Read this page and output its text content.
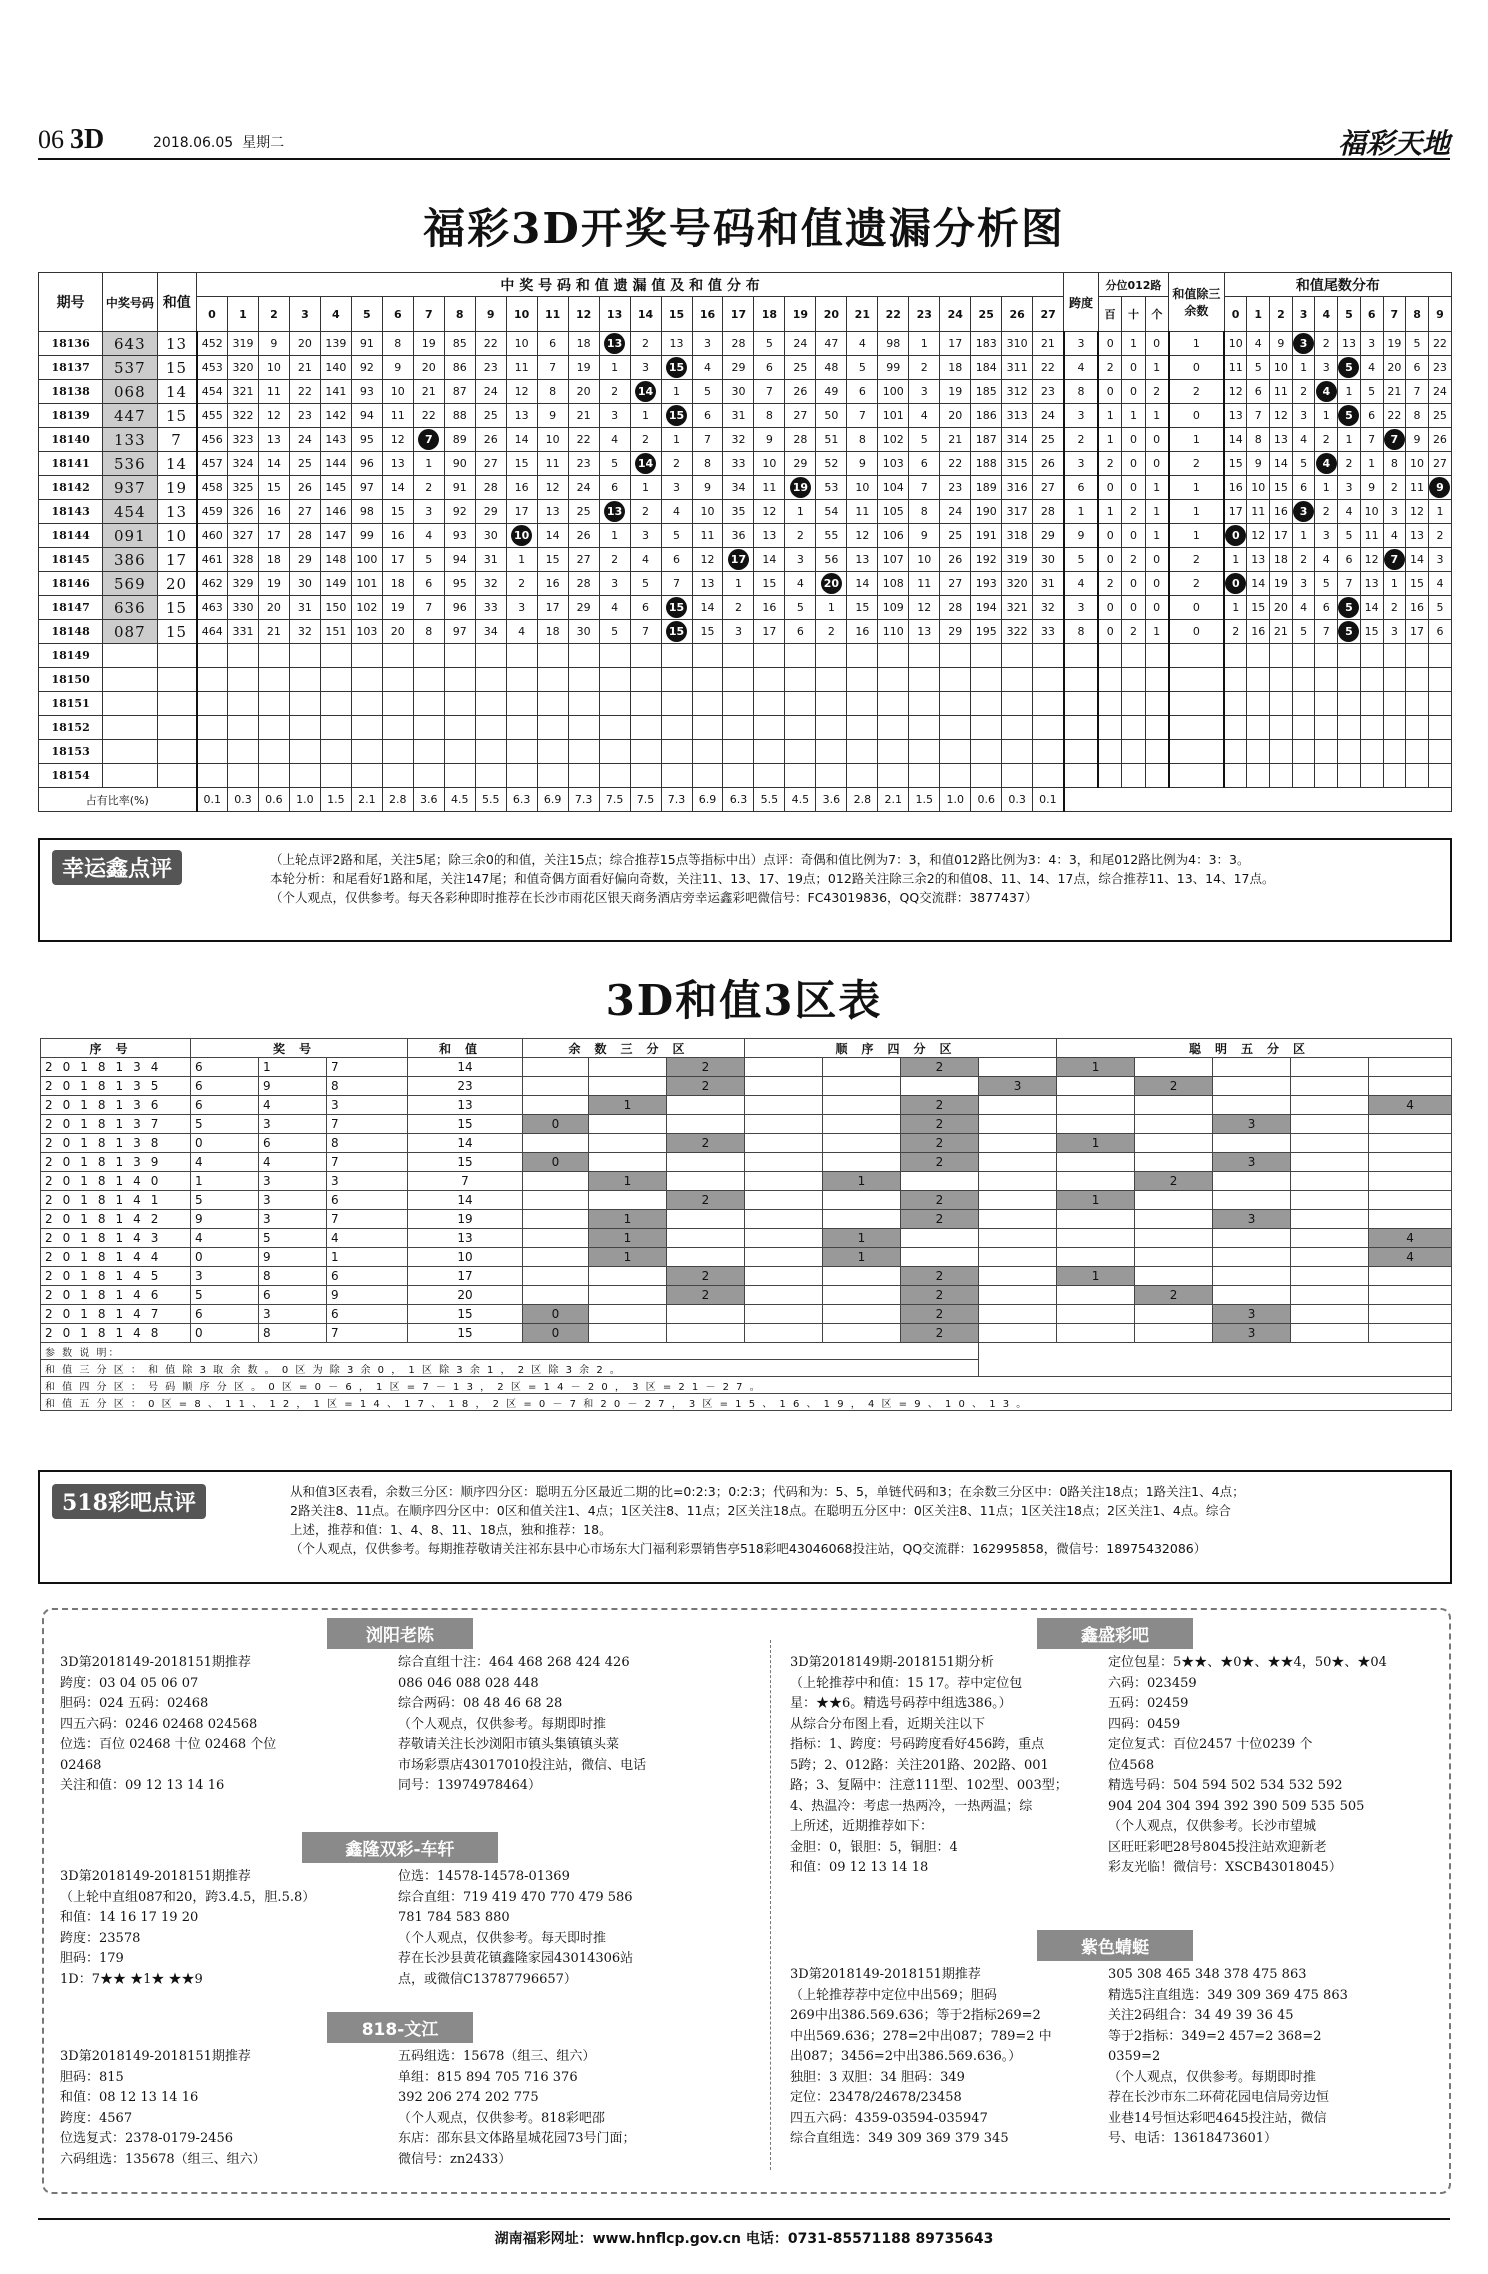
06 3D	2018.06.05 星期二	福彩天地
福彩3D开奖号码和值遗漏分析图
期号	中奖号码	和值	中 奖 号 码 和 值 遗 漏 值 及 和 值 分 布																												跨度	分位012路			和值除三余数	和值尾数分布									
			0	1	2	3	4	5	6	7	8	9	10	11	12	13	14	15	16	17	18	19	20	21	22	23	24	25	26	27		百	十	个		0	1	2	3	4	5	6	7	8	9
18136	643	13	452	319	9	20	139	91	8	19	85	22	10	6	18	13	2	13	3	28	5	24	47	4	98	1	17	183	310	21	3	0	1	0	1	10	4	9	3	2	13	3	19	5	22
18137	537	15	453	320	10	21	140	92	9	20	86	23	11	7	19	1	3	15	4	29	6	25	48	5	99	2	18	184	311	22	4	2	0	1	0	11	5	10	1	3	5	4	20	6	23
18138	068	14	454	321	11	22	141	93	10	21	87	24	12	8	20	2	14	1	5	30	7	26	49	6	100	3	19	185	312	23	8	0	0	2	2	12	6	11	2	4	1	5	21	7	24
18139	447	15	455	322	12	23	142	94	11	22	88	25	13	9	21	3	1	15	6	31	8	27	50	7	101	4	20	186	313	24	3	1	1	1	0	13	7	12	3	1	5	6	22	8	25
18140	133	7	456	323	13	24	143	95	12	7	89	26	14	10	22	4	2	1	7	32	9	28	51	8	102	5	21	187	314	25	2	1	0	0	1	14	8	13	4	2	1	7	7	9	26
18141	536	14	457	324	14	25	144	96	13	1	90	27	15	11	23	5	14	2	8	33	10	29	52	9	103	6	22	188	315	26	3	2	0	0	2	15	9	14	5	4	2	1	8	10	27
18142	937	19	458	325	15	26	145	97	14	2	91	28	16	12	24	6	1	3	9	34	11	19	53	10	104	7	23	189	316	27	6	0	0	1	1	16	10	15	6	1	3	9	2	11	9
18143	454	13	459	326	16	27	146	98	15	3	92	29	17	13	25	13	2	4	10	35	12	1	54	11	105	8	24	190	317	28	1	1	2	1	1	17	11	16	3	2	4	10	3	12	1
18144	091	10	460	327	17	28	147	99	16	4	93	30	10	14	26	1	3	5	11	36	13	2	55	12	106	9	25	191	318	29	9	0	0	1	1	0	12	17	1	3	5	11	4	13	2
18145	386	17	461	328	18	29	148	100	17	5	94	31	1	15	27	2	4	6	12	17	14	3	56	13	107	10	26	192	319	30	5	0	2	0	2	1	13	18	2	4	6	12	7	14	3
18146	569	20	462	329	19	30	149	101	18	6	95	32	2	16	28	3	5	7	13	1	15	4	20	14	108	11	27	193	320	31	4	2	0	0	2	0	14	19	3	5	7	13	1	15	4
18147	636	15	463	330	20	31	150	102	19	7	96	33	3	17	29	4	6	15	14	2	16	5	1	15	109	12	28	194	321	32	3	0	0	0	0	1	15	20	4	6	5	14	2	16	5
18148	087	15	464	331	21	32	151	103	20	8	97	34	4	18	30	5	7	15	15	3	17	6	2	16	110	13	29	195	322	33	8	0	2	1	0	2	16	21	5	7	5	15	3	17	6
18149																																													
18150																																													
18151																																													
18152																																													
18153																																													
18154																																													
占有比率(%)			0.1	0.3	0.6	1.0	1.5	2.1	2.8	3.6	4.5	5.5	6.3	6.9	7.3	7.5	7.5	7.3	6.9	6.3	5.5	4.5	3.6	2.8	2.1	1.5	1.0	0.6	0.3	0.1															
幸运鑫点评	（上轮点评2路和尾，关注5尾；除三余0的和值，关注15点；综合推荐15点等指标中出）点评：奇偶和值比例为7：3，和值012路比例为3：4：3，和尾012路比例为4：3：3。
本轮分析：和尾看好1路和尾，关注147尾；和值奇偶方面看好偏向奇数，关注11、13、17、19点；012路关注除三余2的和值08、11、14、17点，综合推荐11、13、14、17点。
（个人观点，仅供参考。每天各彩种即时推荐在长沙市雨花区银天商务酒店旁幸运鑫彩吧微信号：FC43019836，QQ交流群：3877437）
3D和值3区表
序号	奖号			和值	余数三分区			顺序四分区				聪明五分区				
2018134	6	1	7	14			2			2		1				
2018135	6	9	8	23			2				3		2			
2018136	6	4	3	13		1				2						4
2018137	5	3	7	15	0					2				3		
2018138	0	6	8	14			2			2		1				
2018139	4	4	7	15	0					2				3		
2018140	1	3	3	7		1			1				2			
2018141	5	3	6	14			2			2		1				
2018142	9	3	7	19		1				2				3		
2018143	4	5	4	13		1			1							4
2018144	0	9	1	10		1			1							4
2018145	3	8	6	17			2			2		1				
2018146	5	6	9	20			2			2			2			
2018147	6	3	6	15	0					2				3		
2018148	0	8	7	15	0					2				3		
参 数 说 明：																
和 值 三 分 区 ： 和 值 除 3 取 余 数 。 0 区 为 除 3 余 0 ， 1 区 除 3 余 1 ， 2 区 除 3 余 2 。																
和 值 四 分 区 ： 号 码 顺 序 分 区 。 0 区 = 0 － 6 ， 1 区 = 7 － 1 3 ， 2 区 = 1 4 － 2 0 ， 3 区 = 2 1 － 2 7 。																
和 值 五 分 区 ： 0 区 = 8 、 1 1 、 1 2 ， 1 区 = 1 4 、 1 7 、 1 8 ， 2 区 = 0 － 7 和 2 0 － 2 7 ， 3 区 = 1 5 、 1 6 、 1 9 ， 4 区 = 9 、 1 0 、 1 3 。																
518彩吧点评	从和值3区表看，余数三分区：顺序四分区：聪明五分区最近二期的比=0:2:3；0:2:3；代码和为：5、5，单链代码和3；在余数三分区中：0路关注18点；1路关注1、4点；
2路关注8、11点。在顺序四分区中：0区和值关注1、4点；1区关注8、11点；2区关注18点。在聪明五分区中：0区关注8、11点；1区关注18点；2区关注1、4点。综合
上述，推荐和值：1、4、8、11、18点，独和推荐：18。
（个人观点，仅供参考。每期推荐敬请关注祁东县中心市场东大门福利彩票销售亭518彩吧43046068投注站，QQ交流群：162995858，微信号：18975432086）
浏阳老陈
3D第2018149-2018151期推荐
跨度：03 04 05 06 07
胆码：024 五码：02468
四五六码：0246 02468 024568
位选：百位 02468 十位 02468 个位
02468
关注和值：09 12 13 14 16
综合直组十注：464 468 268 424 426
086 046 088 028 448
综合两码：08 48 46 68 28
（个人观点，仅供参考。每期即时推
荐敬请关注长沙浏阳市镇头集镇镇头菜
市场彩票店43017010投注站，微信、电话
同号：13974978464）
鑫隆双彩-车轩
3D第2018149-2018151期推荐
（上轮中直组087和20，跨3.4.5，胆.5.8）
和值：14 16 17 19 20
跨度：23578
胆码：179
1D：7★★ ★1★ ★★9
位选：14578-14578-01369
综合直组：719 419 470 770 479 586
781 784 583 880
（个人观点，仅供参考。每天即时推
荐在长沙县黄花镇鑫隆家园43014306站
点，或微信C13787796657）
818-文江
3D第2018149-2018151期推荐
胆码：815
和值：08 12 13 14 16
跨度：4567
位选复式：2378-0179-2456
六码组选：135678（组三、组六）
五码组选：15678（组三、组六）
单组：815 894 705 716 376
392 206 274 202 775
（个人观点，仅供参考。818彩吧邵
东店：邵东县文体路星城花园73号门面；
微信号：zn2433）
鑫盛彩吧
3D第2018149期-2018151期分析
（上轮推荐中和值：15 17。荐中定位包
星：★★6。精选号码荐中组选386。）
从综合分布图上看，近期关注以下
指标：1、跨度：号码跨度看好456跨，重点
5跨；2、012路：关注201路、202路、001
路；3、复隔中：注意111型、102型、003型；
4、热温冷：考虑一热两冷，一热两温；综
上所述，近期推荐如下：
金胆：0，银胆：5，铜胆：4
和值：09 12 13 14 18
定位包星：5★★、★0★、★★4，50★、★04
六码：023459
五码：02459
四码：0459
定位复式：百位2457 十位0239 个
位4568
精选号码：504 594 502 534 532 592
904 204 304 394 392 390 509 535 505
（个人观点，仅供参考。长沙市望城
区旺旺彩吧28号8045投注站欢迎新老
彩友光临！微信号：XSCB43018045）
紫色蜻蜓
3D第2018149-2018151期推荐
（上轮推荐荐中定位中出569；胆码
269中出386.569.636；等于2指标269=2
中出569.636；278=2中出087；789=2 中
出087；3456=2中出386.569.636。）
独胆：3 双胆：34 胆码：349
定位：23478/24678/23458
四五六码：4359-03594-035947
综合直组选：349 309 369 379 345
305 308 465 348 378 475 863
精选5注直组选：349 309 369 475 863
关注2码组合：34 49 39 36 45
等于2指标：349=2 457=2 368=2
0359=2
（个人观点，仅供参考。每期即时推
荐在长沙市东二环荷花园电信局旁边恒
业巷14号恒达彩吧4645投注站，微信
号、电话：13618473601）
湖南福彩网址：www.hnflcp.gov.cn 电话：0731-85571188 89735643
